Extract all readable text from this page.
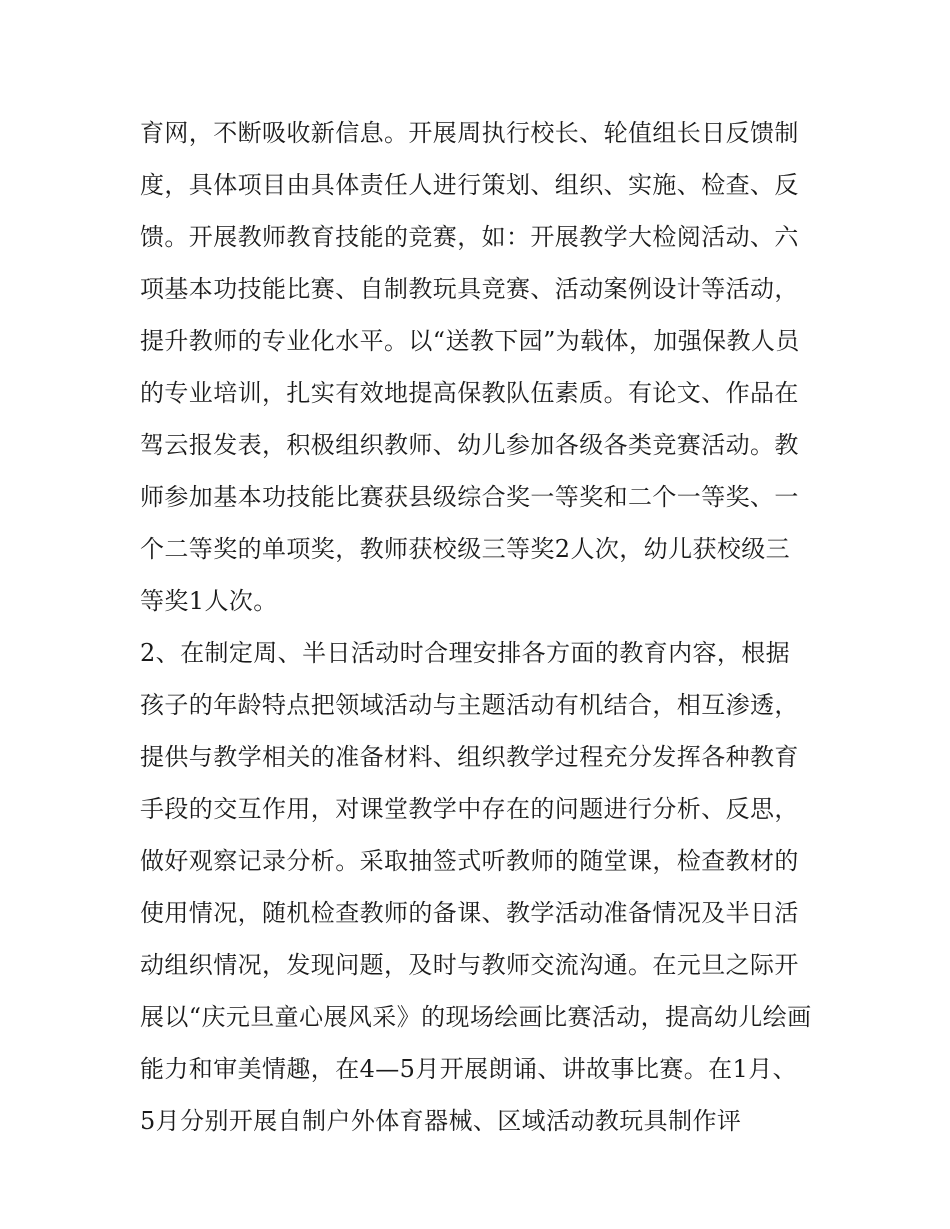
育网，不断吸收新信息。开展周执行校长、轮值组长日反馈制度，具体项目由具体责任人进行策划、组织、实施、检查、反馈。开展教师教育技能的竞赛，如：开展教学大检阅活动、六项基本功技能比赛、自制教玩具竞赛、活动案例设计等活动，提升教师的专业化水平。以“送教下园”为载体，加强保教人员的专业培训，扎实有效地提高保教队伍素质。有论文、作品在驾云报发表，积极组织教师、幼儿参加各级各类竞赛活动。教师参加基本功技能比赛获县级综合奖一等奖和二个一等奖、一个二等奖的单项奖，教师获校级三等奖2人次，幼儿获校级三等奖1人次。

2、在制定周、半日活动时合理安排各方面的教育内容，根据孩子的年龄特点把领域活动与主题活动有机结合，相互渗透，提供与教学相关的准备材料、组织教学过程充分发挥各种教育手段的交互作用，对课堂教学中存在的问题进行分析、反思，做好观察记录分析。采取抽签式听教师的随堂课，检查教材的使用情况，随机检查教师的备课、教学活动准备情况及半日活动组织情况，发现问题，及时与教师交流沟通。在元旦之际开展以“庆元旦童心展风采》的现场绘画比赛活动，提高幼儿绘画能力和审美情趣，在4—5月开展朗诵、讲故事比赛。在1月、5月分别开展自制户外体育器械、区域活动教玩具制作评
